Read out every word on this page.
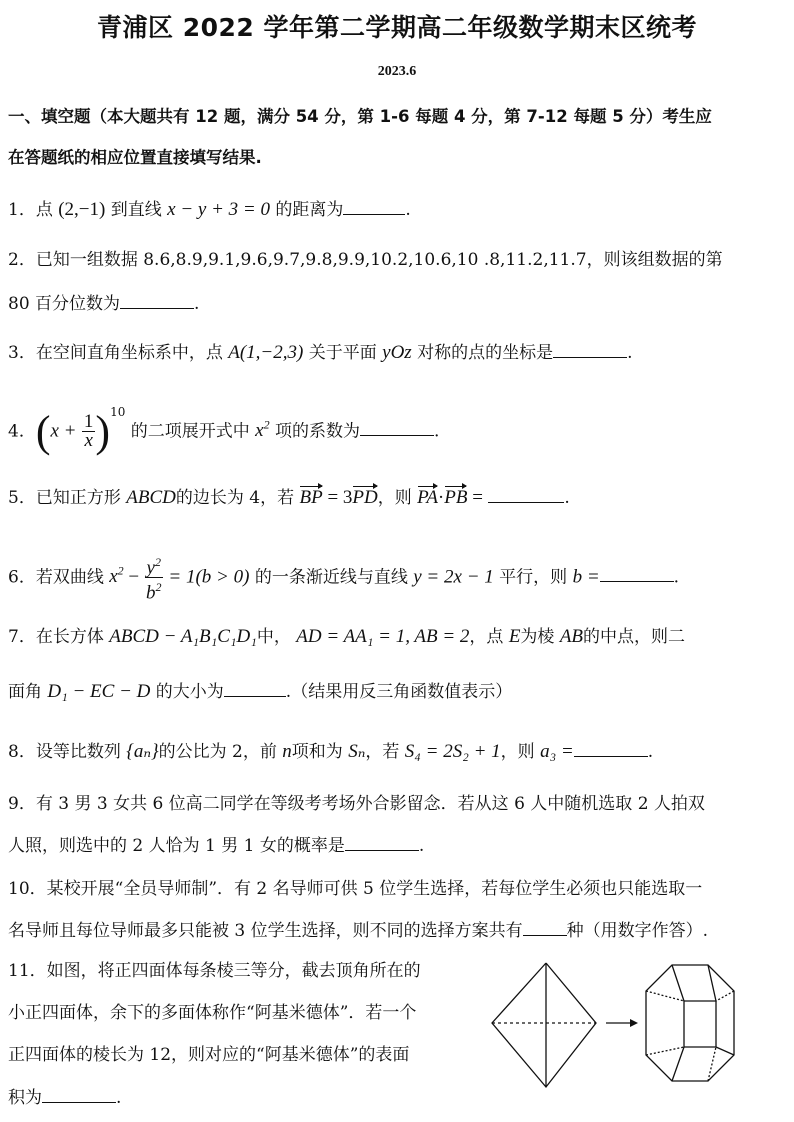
青浦区 2022 学年第二学期高二年级数学期末区统考
2023.6
一、填空题（本大题共有 12 题，满分 54 分，第 1-6 每题 4 分，第 7-12 每题 5 分）考生应
在答题纸的相应位置直接填写结果.
1．点 (2,−1) 到直线 x − y + 3 = 0 的距离为	.
2．已知一组数据 8.6,8.9,9.1,9.6,9.7,9.8,9.9,10.2,10.6,10 .8,11.2,11.7，则该组数据的第
80 百分位数为	.
3．在空间直角坐标系中，点 A(1,−2,3) 关于平面 yOz 对称的点的坐标是	.
4．$(x + \frac{1}{x} )^{10}$ 的二项展开式中 $x^2$ 项的系数为	.
5．已知正方形 ABCD的边长为 4，若 BP = 3PD，则 PA·PB =	.
6．若双曲线 $x^2 - \frac{y^2}{b^2} = 1(b > 0)$ 的一条渐近线与直线 y = 2x − 1 平行，则 b =	.
7．在长方体 ABCD − A₁B₁C₁D₁中， AD = AA₁ = 1, AB = 2，点 E为棱 AB的中点，则二
面角 D₁ − EC − D 的大小为	.（结果用反三角函数值表示）
8．设等比数列 {aₙ}的公比为 2，前 n项和为 Sₙ，若 S₄ = 2S₂ + 1，则 a₃ =	.
9．有 3 男 3 女共 6 位高二同学在等级考考场外合影留念．若从这 6 人中随机选取 2 人拍双
人照，则选中的 2 人恰为 1 男 1 女的概率是	.
10．某校开展“全员导师制”．有 2 名导师可供 5 位学生选择，若每位学生必须也只能选取一
名导师且每位导师最多只能被 3 位学生选择，则不同的选择方案共有	种（用数字作答）.
11．如图，将正四面体每条棱三等分，截去顶角所在的
小正四面体，余下的多面体称作“阿基米德体”．若一个
正四面体的棱长为 12，则对应的“阿基米德体”的表面
积为	.
